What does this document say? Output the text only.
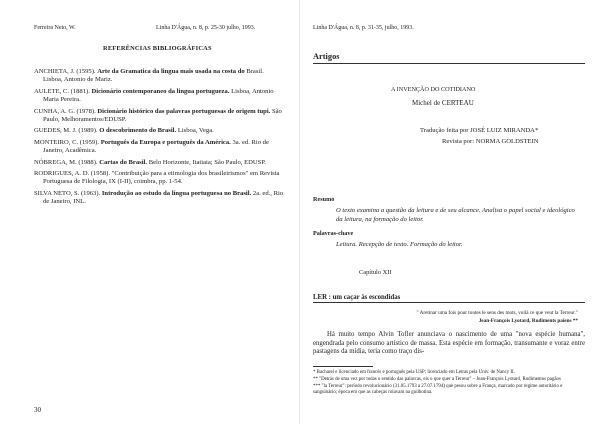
Ferreira Neto, W.	Linha D'Água, n. 8, p. 25-30 julho, 1993.
REFERÊNCIAS BIBLIOGRÁFICAS
ANCHIETA, J. (1595). Arte da Gramatica da lingua mais usada na costa do Brasil. Lisboa, Antonio de Mariz.
AULETE, C. (1881). Dicionário contemporaneo da lingua portugueza. Lisboa, Antonio Maria Pereira.
CUNHA, A. G. (1978). Dicionário histórico das palavras portuguesas de origem tupi. São Paulo, Melhoramentos/EDUSP.
GUEDES, M. J. (1989). O descobrimento do Brasil. Lisboa, Vega.
MONTEIRO, C. (1959). Português da Europa e português da América. 3a. ed. Rio de Janeiro, Acadêmica.
NÓBREGA, M. (1988). Cartas do Brasil. Belo Horizonte, Itatiaia; São Paulo, EDUSP.
RODRIGUES, A. D. (1958). "Contribuição para a etimologia dos brasileirismos" em Revista Portuguesa de Filologia, IX (I-II), coimbra, pp. 1-54.
SILVA NETO, S. (1963). Introdução ao estudo da língua portuguesa no Brasil. 2a. ed., Rio de Janeiro, INL.
30
Linha D'Água, n. 8, p. 31-35, julho, 1993.
Artigos
A INVENÇÃO DO COTIDIANO
Michel de CERTEAU
Tradução feita por JOSÉ LUIZ MIRANDA*
Revista por: NORMA GOLDSTEIN
Resumo
O texto examina a questão da leitura e de seu alcance. Analisa o papel social e ideológico da leitura, na formação do leitor.
Palavras-chave
Leitura. Recepção de texto. Formação do leitor.
Capítulo XII
LER : um caçar às escondidas
" Aretinar uma fois pour toutes le sens des mots, voilà ce que veut la Terreur."
Jean-François Lyotard, Rudiments païens **
Há muito tempo Alvin Tofler anunciava o nascimento de uma "nova espécie humana", engendrada pelo consumo artístico de massa. Esta espécie em formação, transumante e voraz entre pastagens da mídia, teria como traço dis-
* Bacharel e licenciado em francês e português pela USP; licenciado em Letras pela Univ. de Nancy II.
** "Detrás de uma vez por todas o sentido das palavras, eis o que quer a Terreur" – Jean-François Lyotard, Rudimentos pagãos
*** "la Terreur": período revolucionário (31.05.1793 a 27.07.1794) que pesou sobre a França, marcado por regime autoritário e sanguinário; época em que as cabeças rolavam na guilhotina.
